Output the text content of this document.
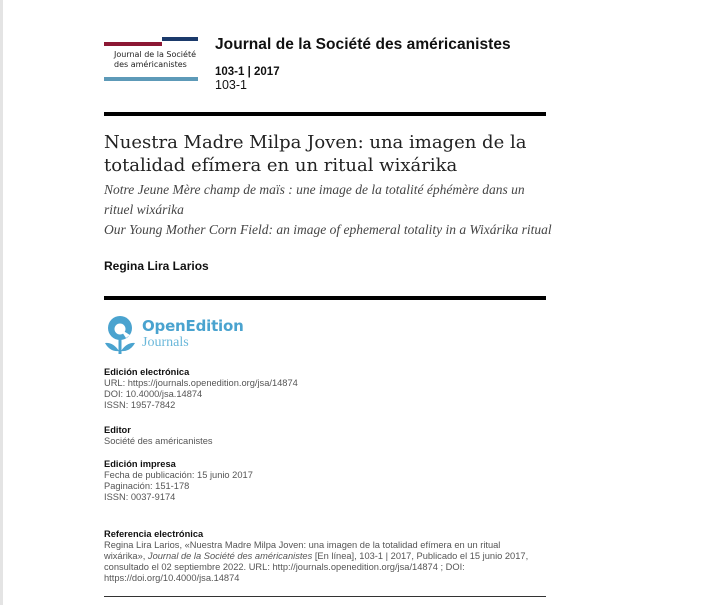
Journal de la Société
des américanistes
Journal de la Société des américanistes
103-1 | 2017
103-1
Nuestra Madre Milpa Joven: una imagen de la totalidad efímera en un ritual wixárika
Notre Jeune Mère champ de maïs : une image de la totalité éphémère dans un rituel wixárika
Our Young Mother Corn Field: an image of ephemeral totality in a Wixárika ritual
Regina Lira Larios
OpenEdition
Journals
Edición electrónica
URL: https://journals.openedition.org/jsa/14874
DOI: 10.4000/jsa.14874
ISSN: 1957-7842
Editor
Société des américanistes
Edición impresa
Fecha de publicación: 15 junio 2017
Paginación: 151-178
ISSN: 0037-9174
Referencia electrónica
Regina Lira Larios, «Nuestra Madre Milpa Joven: una imagen de la totalidad efímera en un ritual wixárika», Journal de la Société des américanistes [En línea], 103-1 | 2017, Publicado el 15 junio 2017, consultado el 02 septiembre 2022. URL: http://journals.openedition.org/jsa/14874 ; DOI: https://doi.org/10.4000/jsa.14874
